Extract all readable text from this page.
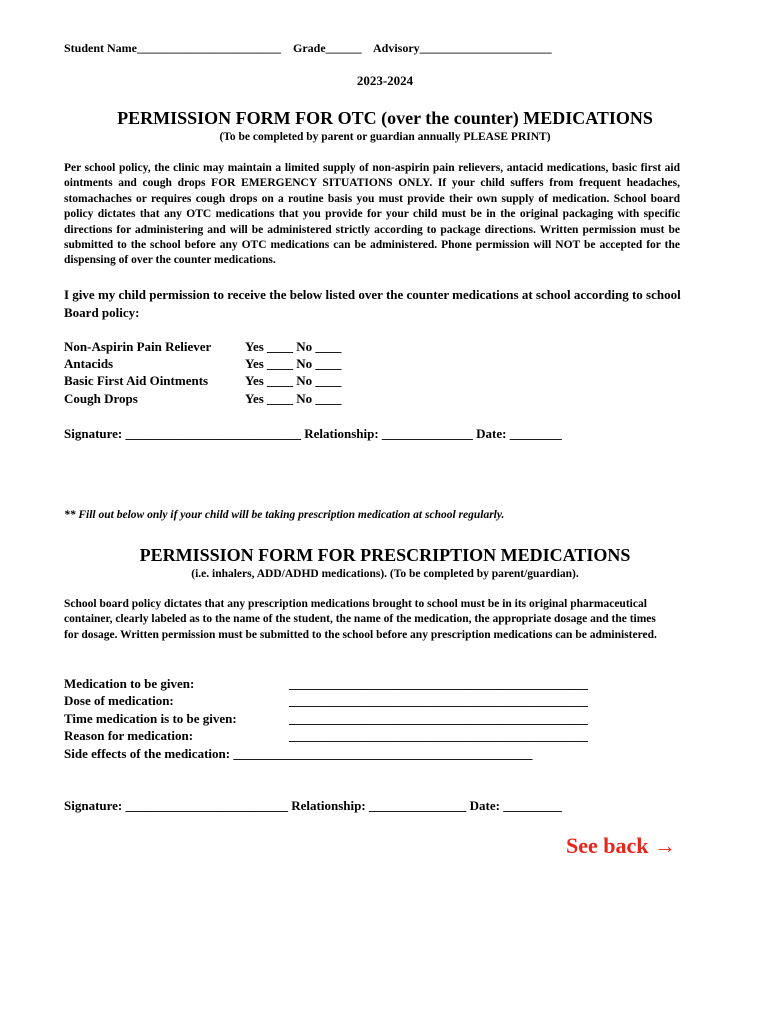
Student Name________________________    Grade______    Advisory______________________
2023-2024
PERMISSION FORM FOR OTC (over the counter) MEDICATIONS
(To be completed by parent or guardian annually PLEASE PRINT)
Per school policy, the clinic may maintain a limited supply of non-aspirin pain relievers, antacid medications, basic first aid ointments and cough drops FOR EMERGENCY SITUATIONS ONLY. If your child suffers from frequent headaches, stomachaches or requires cough drops on a routine basis you must provide their own supply of medication. School board policy dictates that any OTC medications that you provide for your child must be in the original packaging with specific directions for administering and will be administered strictly according to package directions. Written permission must be submitted to the school before any OTC medications can be administered. Phone permission will NOT be accepted for the dispensing of over the counter medications.
I give my child permission to receive the below listed over the counter medications at school according to school Board policy:
Non-Aspirin Pain Reliever	Yes ____ No ____
Antacids	Yes ____ No ____
Basic First Aid Ointments	Yes ____ No ____
Cough Drops	Yes ____ No ____
Signature: ___________________________ Relationship: ______________ Date: ________
** Fill out below only if your child will be taking prescription medication at school regularly.
PERMISSION FORM FOR PRESCRIPTION MEDICATIONS
(i.e. inhalers, ADD/ADHD medications). (To be completed by parent/guardian).
School board policy dictates that any prescription medications brought to school must be in its original pharmaceutical container, clearly labeled as to the name of the student, the name of the medication, the appropriate dosage and the times for dosage. Written permission must be submitted to the school before any prescription medications can be administered.
Medication to be given:	______________________________________________
Dose of medication:	______________________________________________
Time medication is to be given:	______________________________________________
Reason for medication:	______________________________________________
Side effects of the medication: ______________________________________________
Signature: _________________________ Relationship: _______________ Date: _________
See back →
